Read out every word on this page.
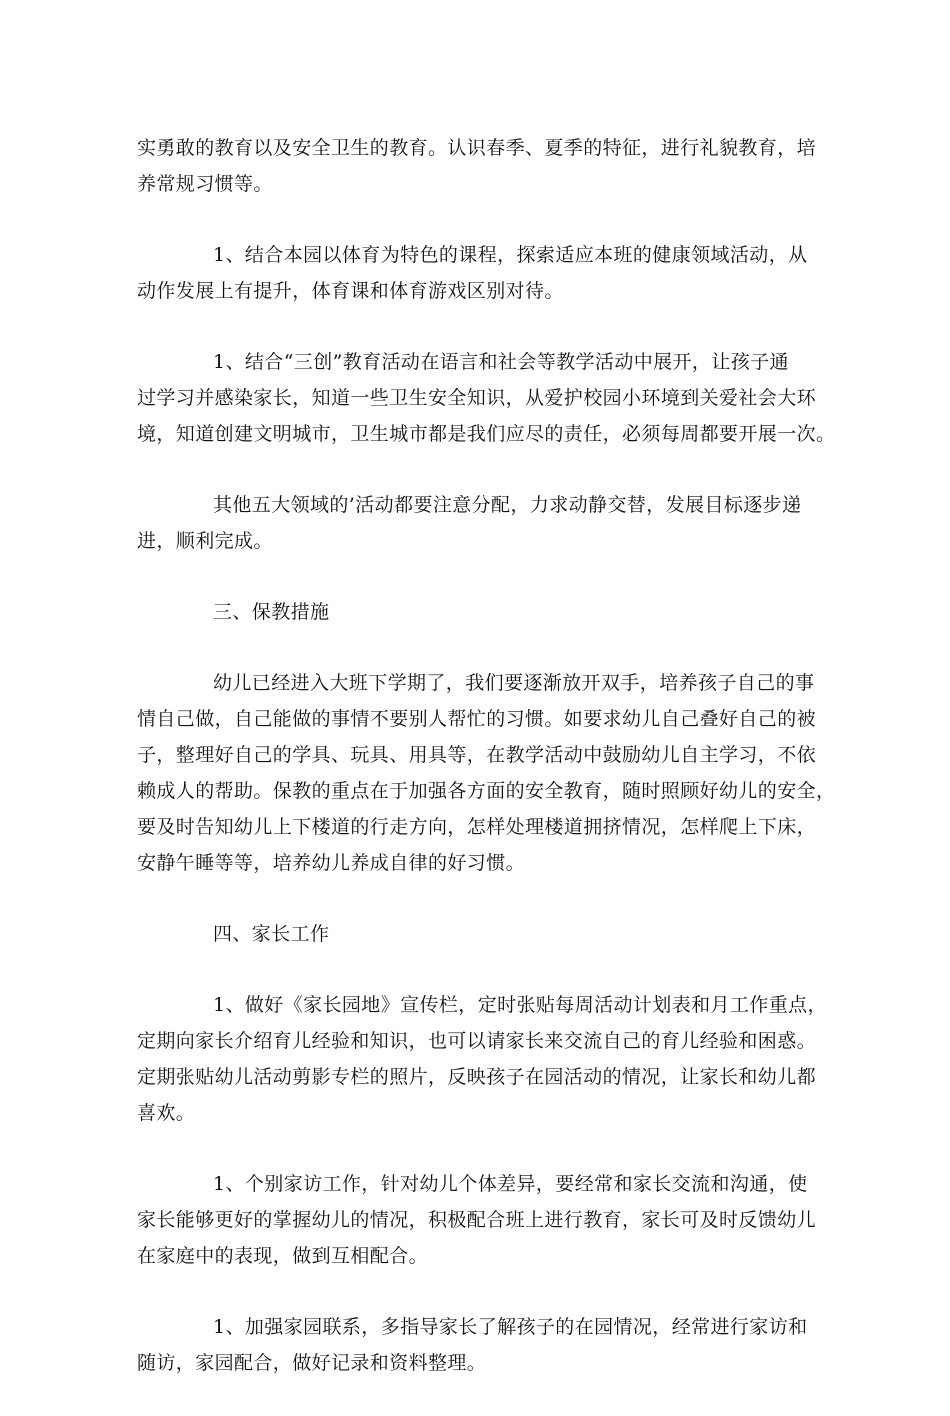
实勇敢的教育以及安全卫生的教育。认识春季、夏季的特征，进行礼貌教育，培
养常规习惯等。

1、结合本园以体育为特色的课程，探索适应本班的健康领域活动，从
动作发展上有提升，体育课和体育游戏区别对待。

1、结合“三创”教育活动在语言和社会等教学活动中展开，让孩子通
过学习并感染家长，知道一些卫生安全知识，从爱护校园小环境到关爱社会大环
境，知道创建文明城市，卫生城市都是我们应尽的责任，必须每周都要开展一次。

其他五大领域的’活动都要注意分配，力求动静交替，发展目标逐步递
进，顺利完成。

三、保教措施

幼儿已经进入大班下学期了，我们要逐渐放开双手，培养孩子自己的事
情自己做，自己能做的事情不要别人帮忙的习惯。如要求幼儿自己叠好自己的被
子，整理好自己的学具、玩具、用具等，在教学活动中鼓励幼儿自主学习，不依
赖成人的帮助。保教的重点在于加强各方面的安全教育，随时照顾好幼儿的安全，
要及时告知幼儿上下楼道的行走方向，怎样处理楼道拥挤情况，怎样爬上下床，
安静午睡等等，培养幼儿养成自律的好习惯。

四、家长工作

1、做好《家长园地》宣传栏，定时张贴每周活动计划表和月工作重点，
定期向家长介绍育儿经验和知识，也可以请家长来交流自己的育儿经验和困惑。
定期张贴幼儿活动剪影专栏的照片，反映孩子在园活动的情况，让家长和幼儿都
喜欢。

1、个别家访工作，针对幼儿个体差异，要经常和家长交流和沟通，使
家长能够更好的掌握幼儿的情况，积极配合班上进行教育，家长可及时反馈幼儿
在家庭中的表现，做到互相配合。

1、加强家园联系，多指导家长了解孩子的在园情况，经常进行家访和
随访，家园配合，做好记录和资料整理。
